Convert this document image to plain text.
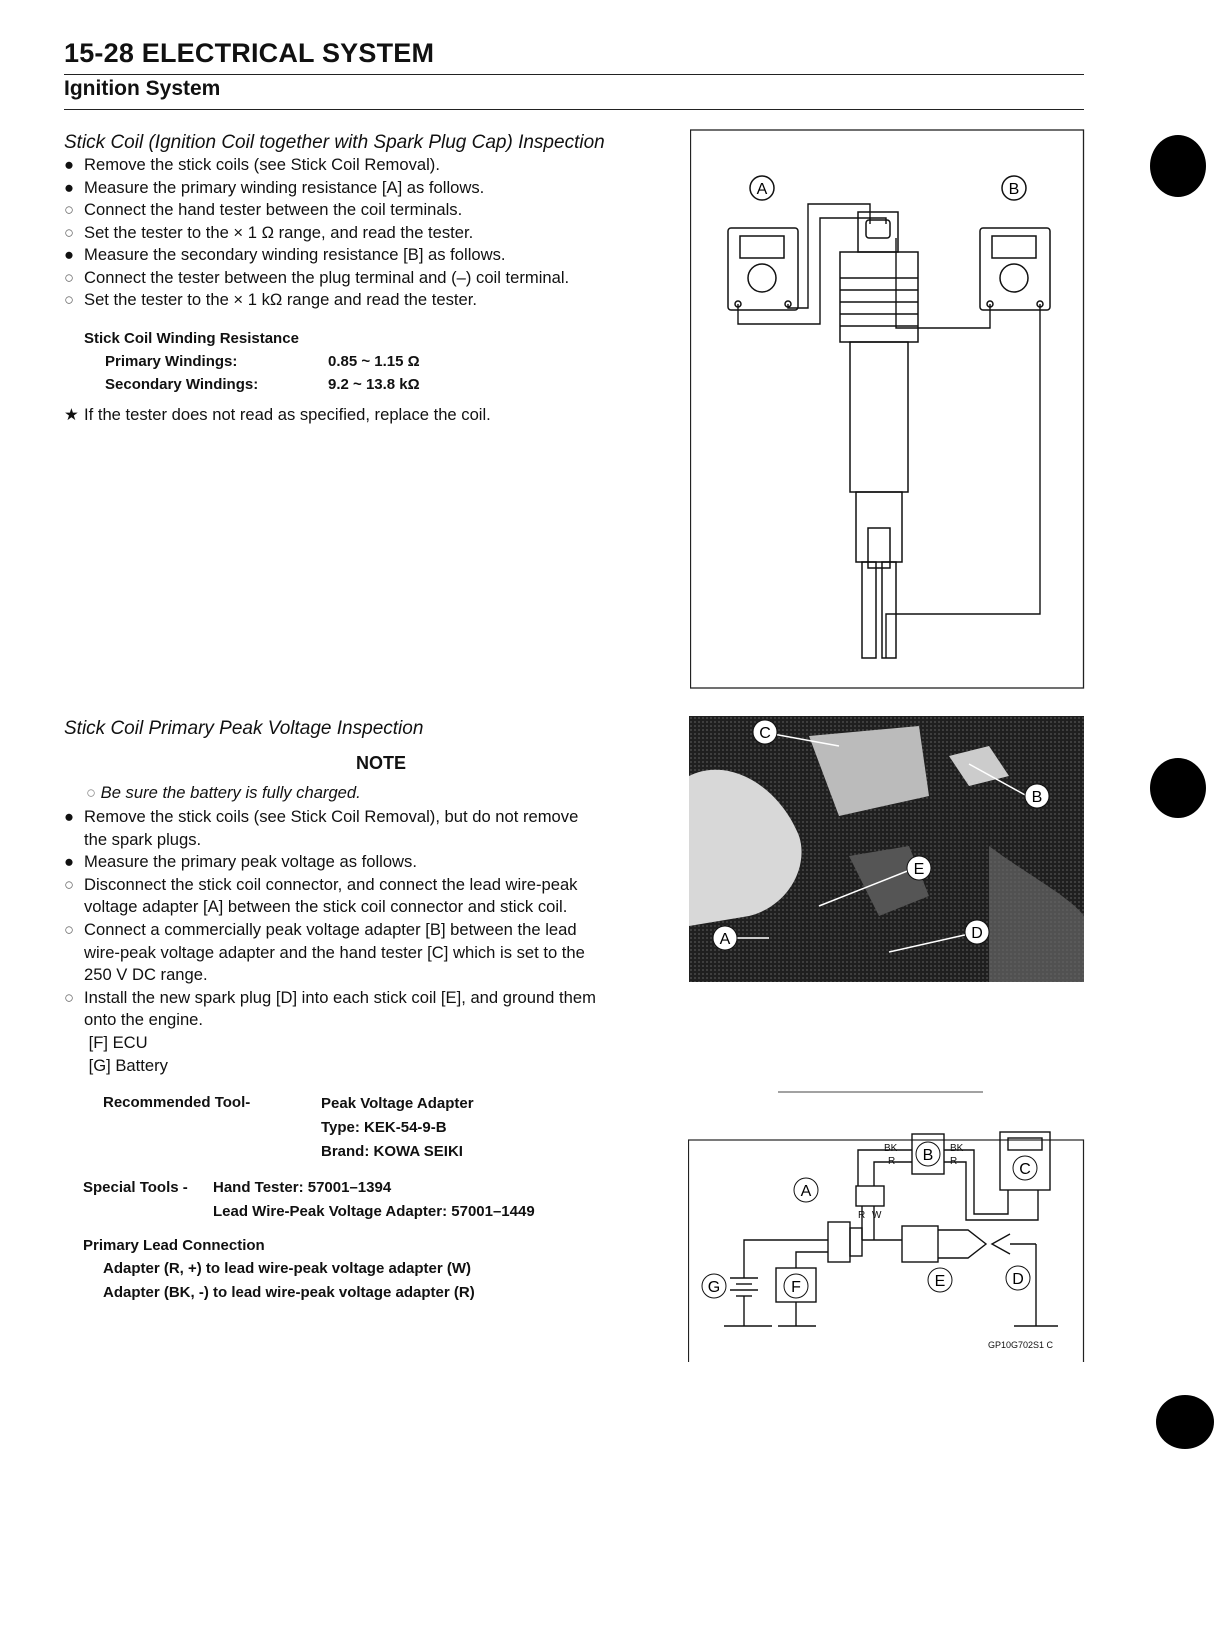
15-28 ELECTRICAL SYSTEM
Ignition System
Stick Coil (Ignition Coil together with Spark Plug Cap) Inspection
● Remove the stick coils (see Stick Coil Removal).
● Measure the primary winding resistance [A] as follows.
○ Connect the hand tester between the coil terminals.
○ Set the tester to the × 1 Ω range, and read the tester.
● Measure the secondary winding resistance [B] as follows.
○ Connect the tester between the plug terminal and (–) coil terminal.
○ Set the tester to the × 1 kΩ range and read the tester.
Stick Coil Winding Resistance
Primary Windings:	0.85 ~ 1.15 Ω
Secondary Windings:	9.2 ~ 13.8 kΩ
★ If the tester does not read as specified, replace the coil.
A	B
Stick Coil Primary Peak Voltage Inspection
NOTE
○ Be sure the battery is fully charged.
● Remove the stick coils (see Stick Coil Removal), but do not remove
the spark plugs.
● Measure the primary peak voltage as follows.
○ Disconnect the stick coil connector, and connect the lead wire-peak
voltage adapter [A] between the stick coil connector and stick coil.
○ Connect a commercially peak voltage adapter [B] between the lead
wire-peak voltage adapter and the hand tester [C] which is set to the
250 V DC range.
○ Install the new spark plug [D] into each stick coil [E], and ground them
onto the engine.
[F] ECU
[G] Battery
Recommended Tool-	Peak Voltage Adapter
Type: KEK-54-9-B
Brand: KOWA SEIKI
Special Tools - Hand Tester: 57001–1394
Lead Wire-Peak Voltage Adapter: 57001–1449
Primary Lead Connection
Adapter (R, +) to lead wire-peak voltage adapter (W)
Adapter (BK, -) to lead wire-peak voltage adapter (R)
C
B
E
D
A
BK
R
BK
R
R W
GP10G702S1 C
C
B
A
E	D
G	F
